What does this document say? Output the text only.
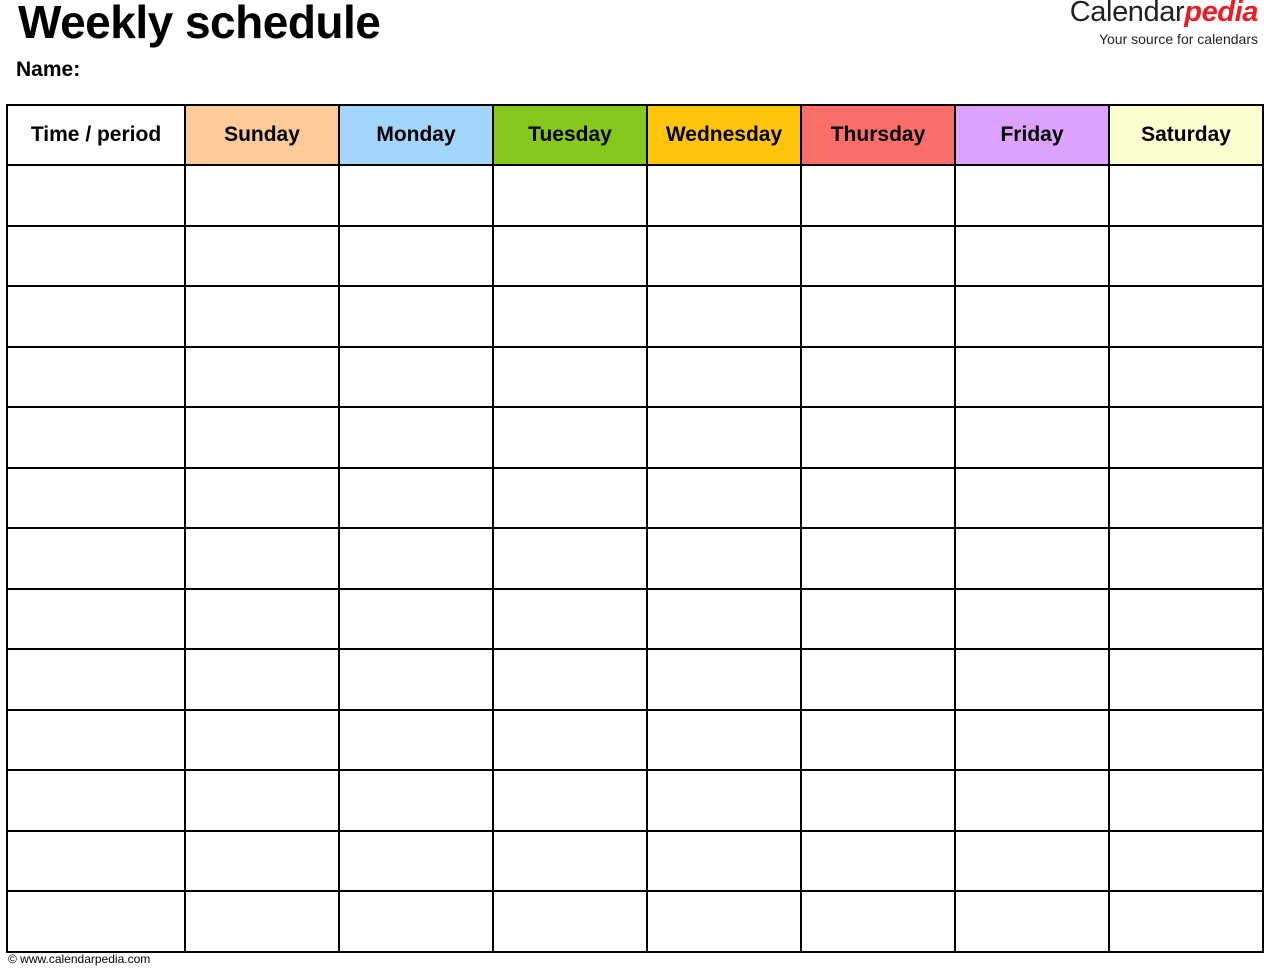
Weekly schedule
Name:
Calendarpedia
Your source for calendars
Time / period	Sunday	Monday	Tuesday	Wednesday	Thursday	Friday	Saturday

© www.calendarpedia.com
